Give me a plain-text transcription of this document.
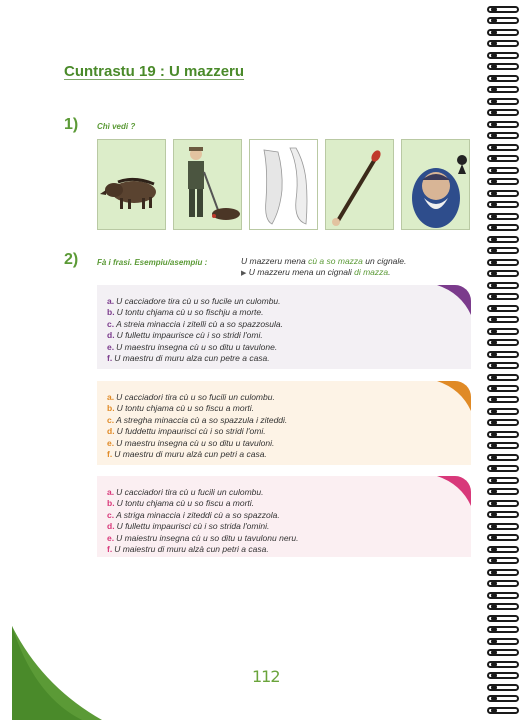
Cuntrastu 19 : U mazzeru
1) Chì vedi ?
2) Fà i frasi. Esempiu/asempiu :	U mazzeru mena cù a so mazza un cignale.
▶ U mazzeru mena un cignali di mazza.
a. U cacciadore tira cù u so fucile un culombu.
b. U tontu chjama cù u so fischju a morte.
c. A streia minaccia i zitelli cù a so spazzosula.
d. U fullettu impaurisce cù i so stridi l'omi.
e. U maestru insegna cù u so ditu u tavulone.
f. U maestru di muru alza cun petre a casa.
a. U cacciadori tira cù u so fucili un culombu.
b. U tontu chjama cù u so fiscu a morti.
c. A stregha minaccia cù a so spazzula i ziteddi.
d. U fuddettu impaurisci cù i so stridi l'omi.
e. U maestru insegna cù u so ditu u tavuloni.
f. U maestru di muru alzà cun petri a casa.
a. U cacciadori tira cù u fucili un culombu.
b. U tontu chjama cù u so fiscu a morti.
c. A striga minaccia i ziteddi cù a so spazzola.
d. U fullettu impaurisci cù i so strida l'omini.
e. U maiestru insegna cù u so ditu u tavulonu neru.
f. U maiestru di muru alzà cun petri a casa.
112
